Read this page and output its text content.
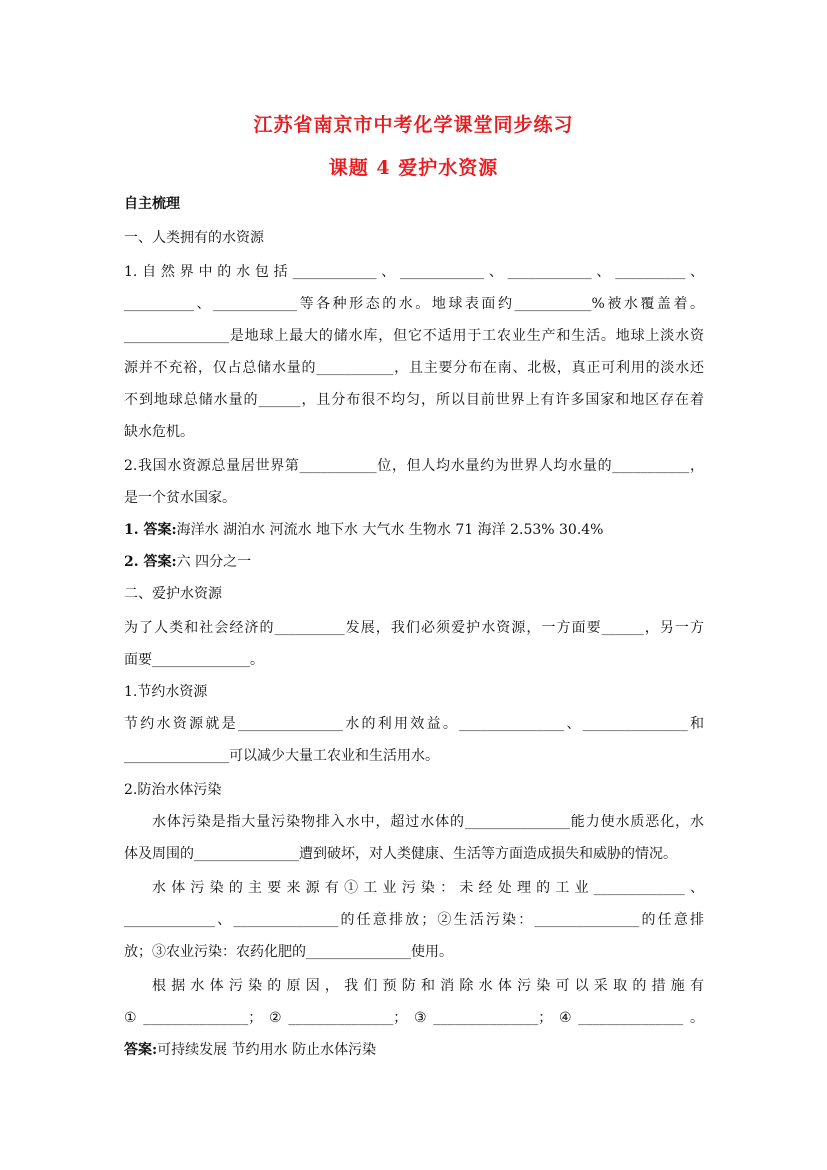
江苏省南京市中考化学课堂同步练习
课题 4 爱护水资源
自主梳理
一、人类拥有的水资源
1.自然界中的水包括____________、____________、____________、__________、
__________、____________等各种形态的水。地球表面约___________%被水覆盖着。
_______________是地球上最大的储水库，但它不适用于工农业生产和生活。地球上淡水资
源并不充裕，仅占总储水量的___________，且主要分布在南、北极，真正可利用的淡水还
不到地球总储水量的______，且分布很不均匀，所以目前世界上有许多国家和地区存在着
缺水危机。
2.我国水资源总量居世界第___________位，但人均水量约为世界人均水量的___________，
是一个贫水国家。
1. 答案:海洋水 湖泊水 河流水 地下水 大气水 生物水 71 海洋 2.53% 30.4%
2. 答案:六 四分之一
二、爱护水资源
为了人类和社会经济的__________发展，我们必须爱护水资源，一方面要______，另一方
面要______________。
1.节约水资源
节约水资源就是_______________水的利用效益。_______________、_______________和
_______________可以减少大量工农业和生活用水。
2.防治水体污染
水体污染是指大量污染物排入水中，超过水体的_______________能力使水质恶化，水
体及周围的_______________遭到破坏，对人类健康、生活等方面造成损失和威胁的情况。
水体污染的主要来源有①工业污染：未经处理的工业_____________、
_____________、_______________的任意排放；②生活污染：_______________的任意排
放；③农业污染：农药化肥的_______________使用。
根据水体污染的原因，我们预防和消除水体污染可以采取的措施有
①_______________；②_______________；③_______________；④_______________。
答案:可持续发展 节约用水 防止水体污染
